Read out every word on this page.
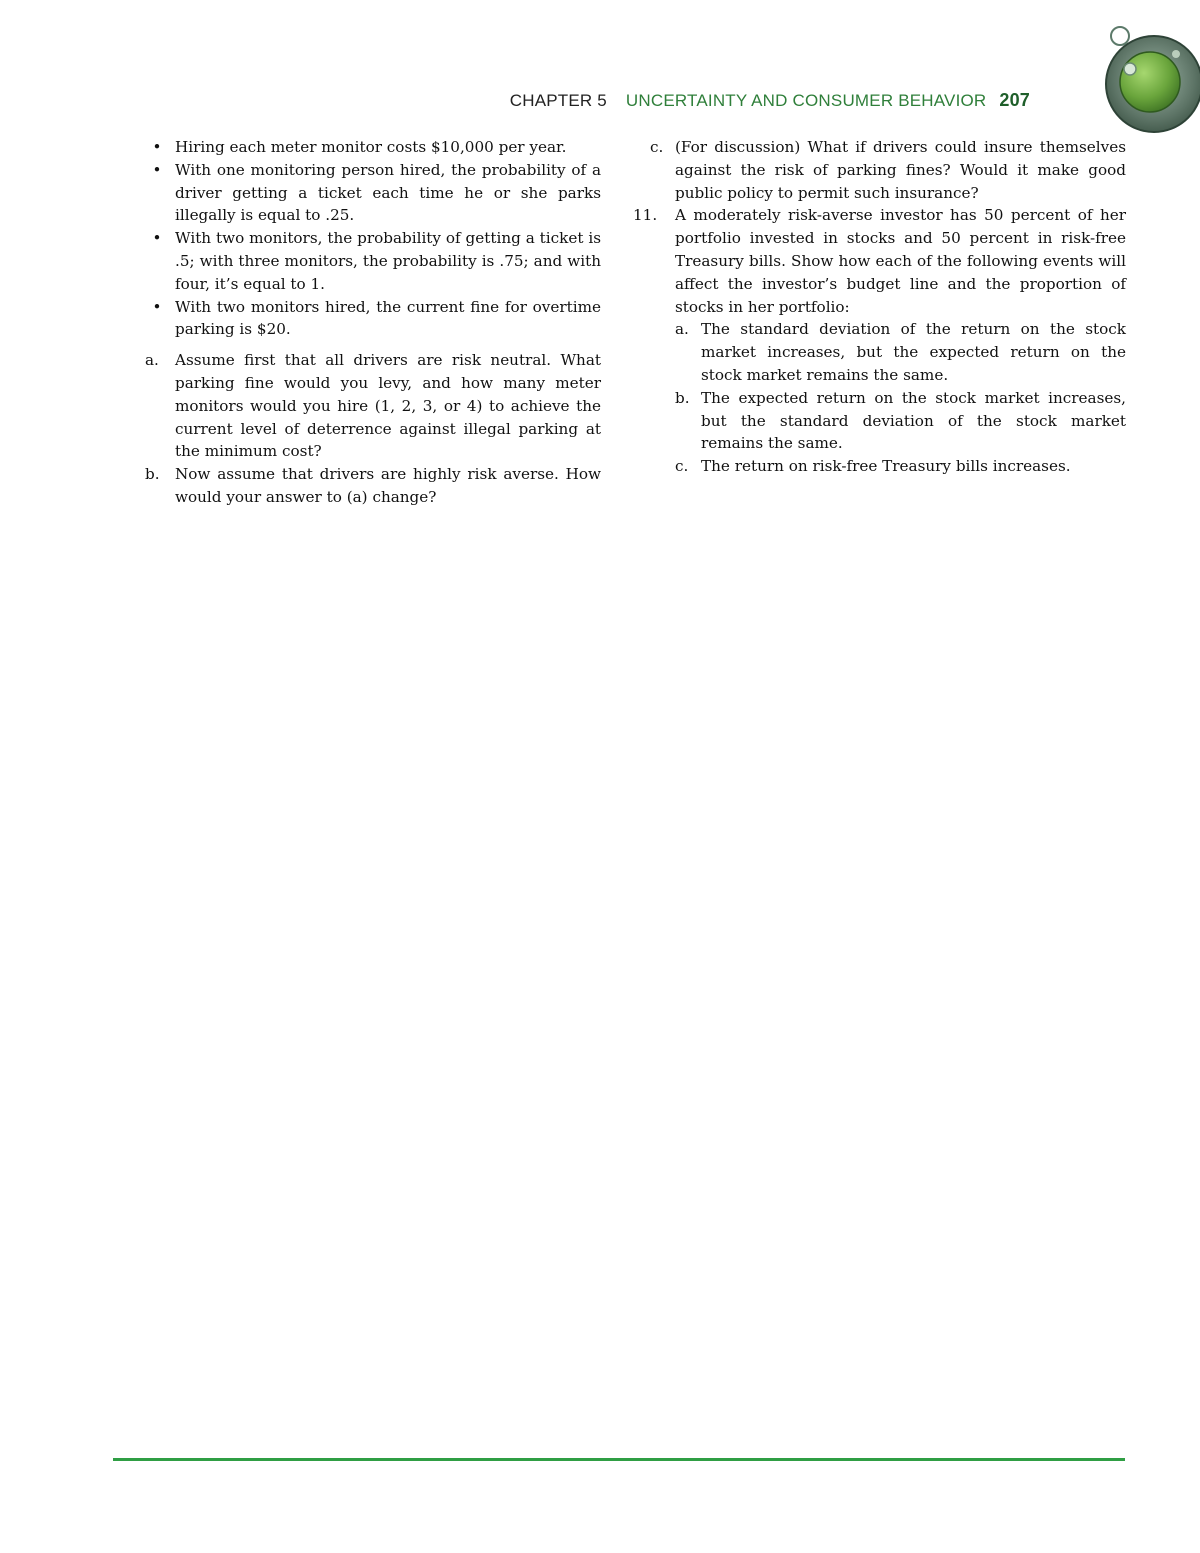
CHAPTER 5 UNCERTAINTY AND CONSUMER BEHAVIOR 207
• Hiring each meter monitor costs $10,000 per year.
• With one monitoring person hired, the probability of a driver getting a ticket each time he or she parks illegally is equal to .25.
• With two monitors, the probability of getting a ticket is .5; with three monitors, the probability is .75; and with four, it’s equal to 1.
• With two monitors hired, the current fine for overtime parking is $20.
a.	Assume first that all drivers are risk neutral. What parking fine would you levy, and how many meter monitors would you hire (1, 2, 3, or 4) to achieve the current level of deterrence against illegal parking at the minimum cost?
b.	Now assume that drivers are highly risk averse. How would your answer to (a) change?
c. (For discussion) What if drivers could insure themselves against the risk of parking fines? Would it make good public policy to permit such insurance?
11. A moderately risk-averse investor has 50 percent of her portfolio invested in stocks and 50 percent in risk-free Treasury bills. Show how each of the following events will affect the investor’s budget line and the proportion of stocks in her portfolio:
a. The standard deviation of the return on the stock market increases, but the expected return on the stock market remains the same.
b. The expected return on the stock market increases, but the standard deviation of the stock market remains the same.
c. The return on risk-free Treasury bills increases.
